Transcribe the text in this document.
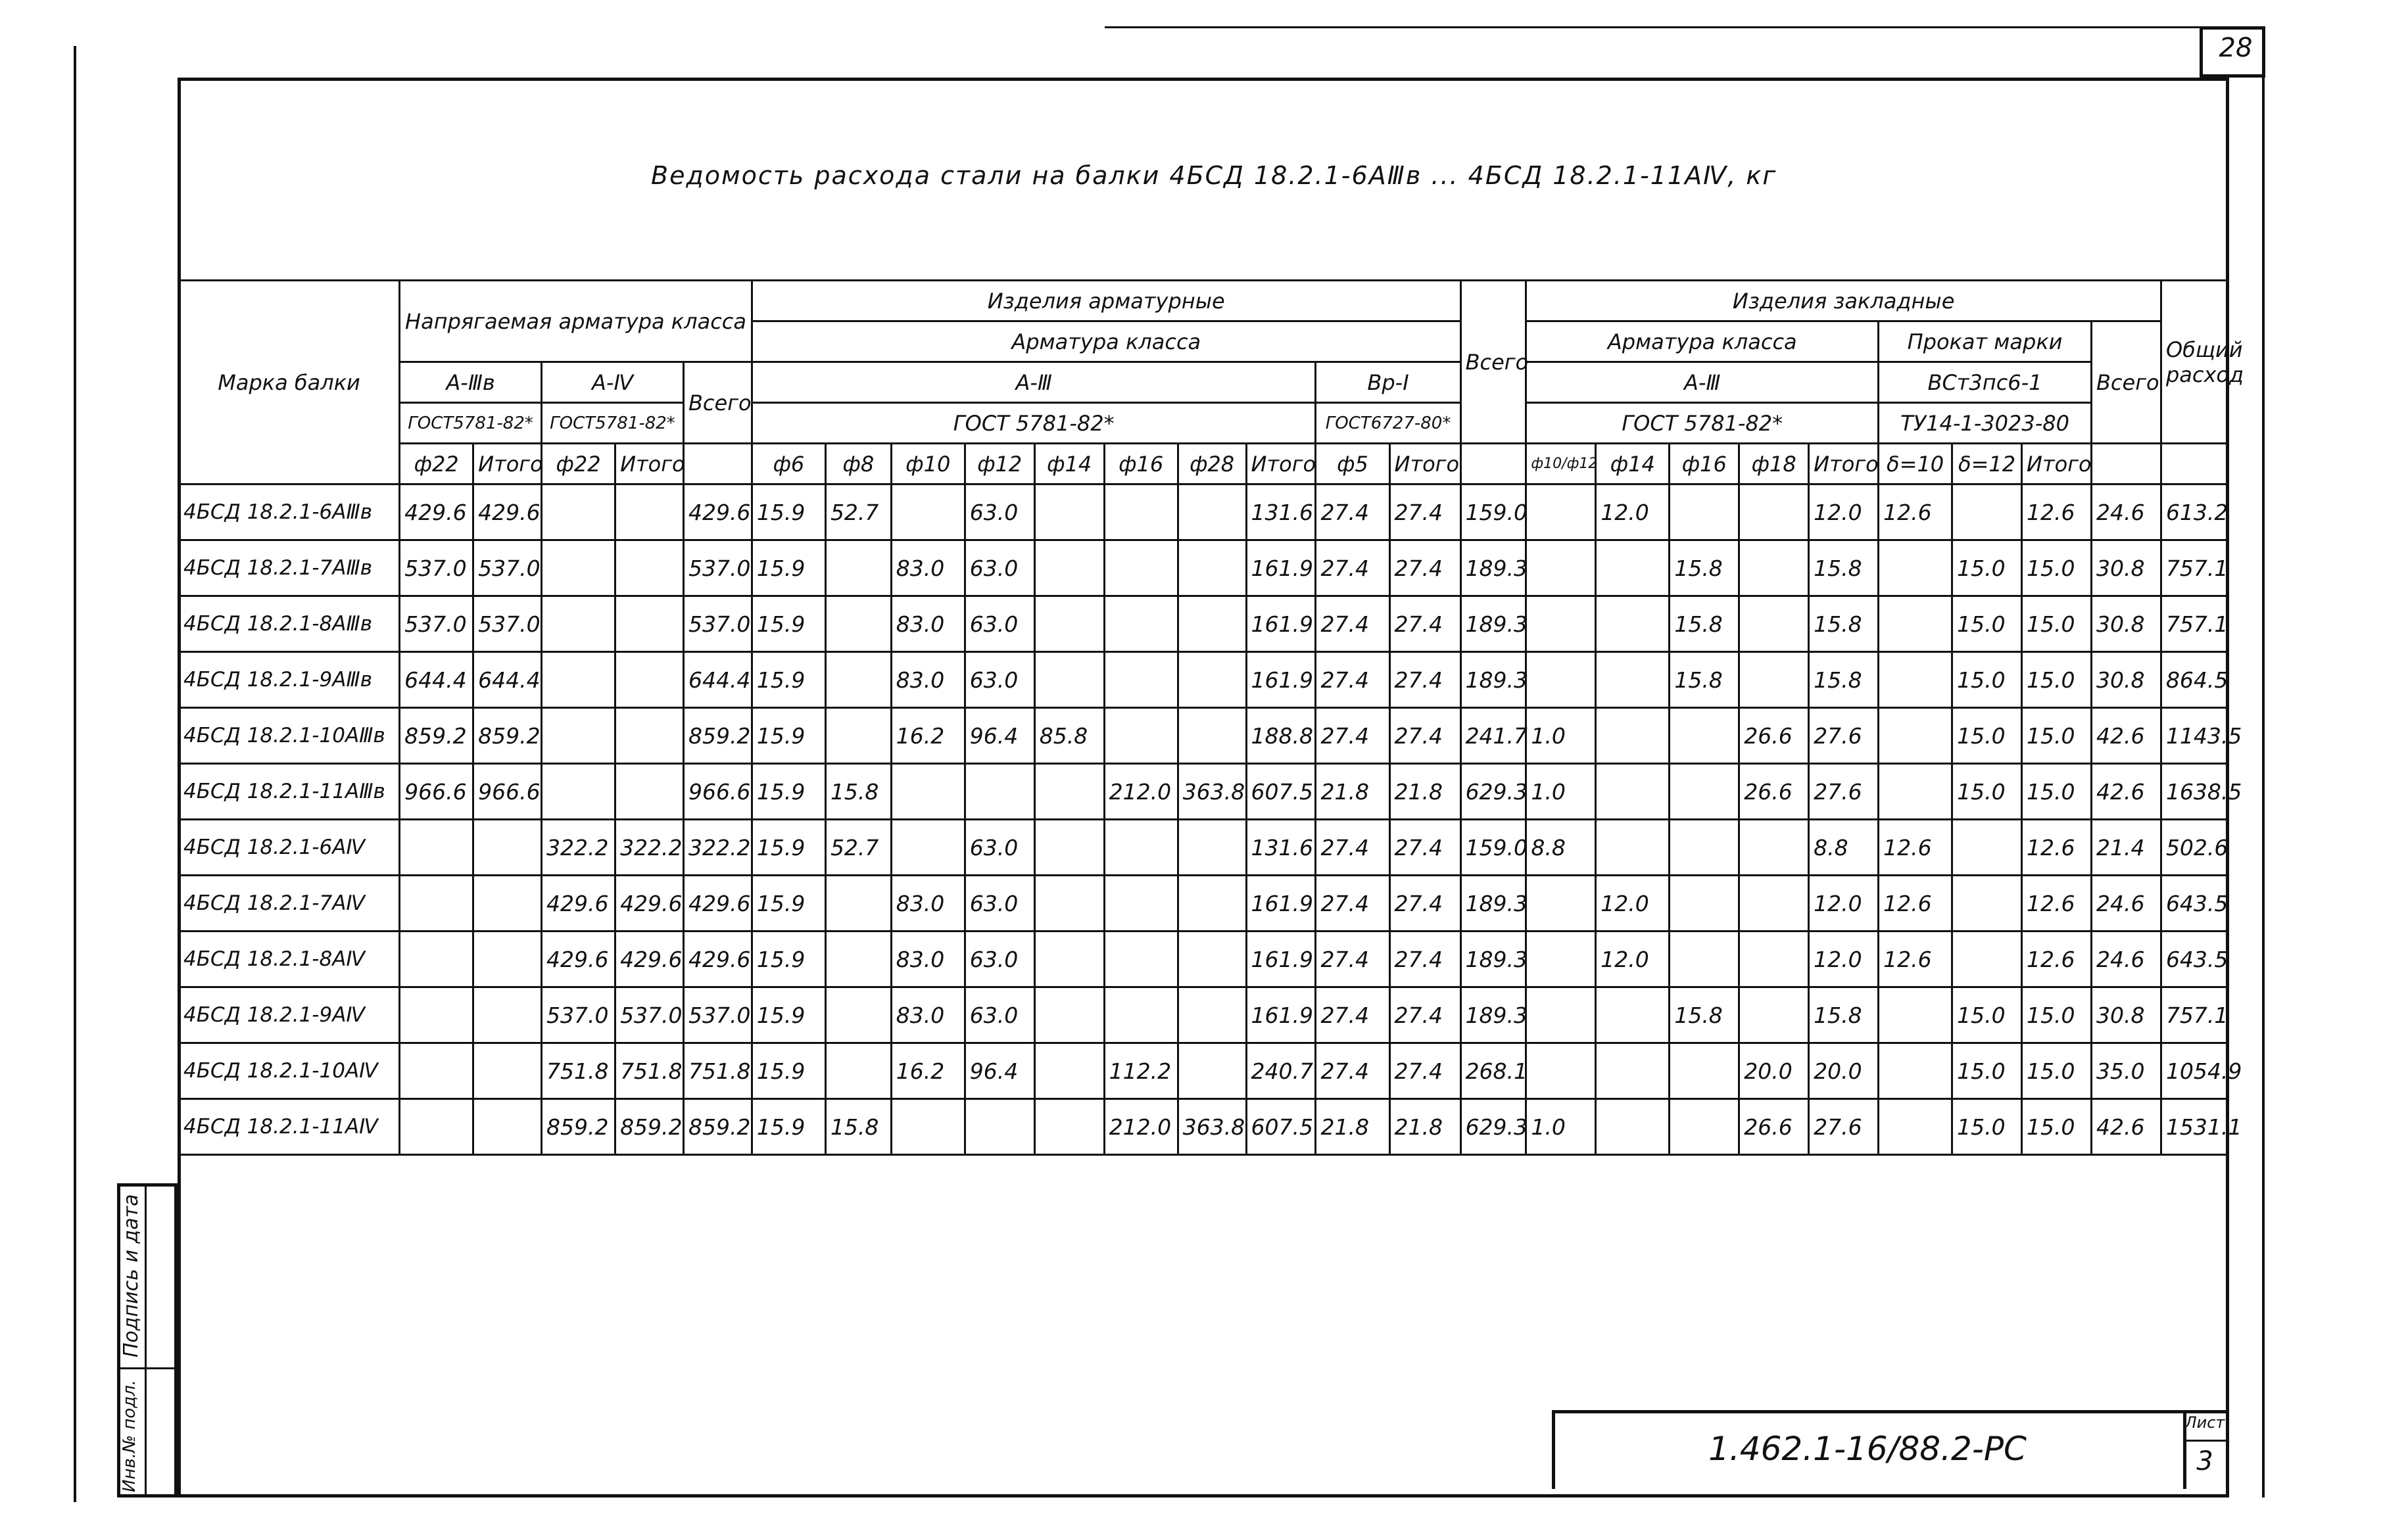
28
Ведомость расхода стали на балки 4БСД 18.2.1-6АⅢв ... 4БСД 18.2.1-11АⅣ, кг
Марка балки	Напрягаемая арматура класса					Изделия арматурные										Всего	Изделия закладные									Общий расход
						Арматура класса											Арматура класса					Прокат марки			Всего	
	А-Ⅲв		А-Ⅳ		Всего	А-Ⅲ								Вр-Ⅰ			А-Ⅲ					ВСт3пс6-1				
	ГОСТ5781-82*		ГОСТ5781-82*			ГОСТ 5781-82*								ГОСТ6727-80*			ГОСТ 5781-82*					ТУ14-1-3023-80				
	ф22	Итого	ф22	Итого		ф6	ф8	ф10	ф12	ф14	ф16	ф28	Итого	ф5	Итого		ф10/ф12	ф14	ф16	ф18	Итого	δ=10	δ=12	Итого		
4БСД 18.2.1-6АⅢв	429.6	429.6			429.6	15.9	52.7		63.0				131.6	27.4	27.4	159.0		12.0			12.0	12.6		12.6	24.6	613.2
4БСД 18.2.1-7АⅢв	537.0	537.0			537.0	15.9		83.0	63.0				161.9	27.4	27.4	189.3			15.8		15.8		15.0	15.0	30.8	757.1
4БСД 18.2.1-8АⅢв	537.0	537.0			537.0	15.9		83.0	63.0				161.9	27.4	27.4	189.3			15.8		15.8		15.0	15.0	30.8	757.1
4БСД 18.2.1-9АⅢв	644.4	644.4			644.4	15.9		83.0	63.0				161.9	27.4	27.4	189.3			15.8		15.8		15.0	15.0	30.8	864.5
4БСД 18.2.1-10АⅢв	859.2	859.2			859.2	15.9		16.2	96.4	85.8			188.8	27.4	27.4	241.7	1.0			26.6	27.6		15.0	15.0	42.6	1143.5
4БСД 18.2.1-11АⅢв	966.6	966.6			966.6	15.9	15.8				212.0	363.8	607.5	21.8	21.8	629.3	1.0			26.6	27.6		15.0	15.0	42.6	1638.5
4БСД 18.2.1-6АⅣ			322.2	322.2	322.2	15.9	52.7		63.0				131.6	27.4	27.4	159.0	8.8				8.8	12.6		12.6	21.4	502.6
4БСД 18.2.1-7АⅣ			429.6	429.6	429.6	15.9		83.0	63.0				161.9	27.4	27.4	189.3		12.0			12.0	12.6		12.6	24.6	643.5
4БСД 18.2.1-8АⅣ			429.6	429.6	429.6	15.9		83.0	63.0				161.9	27.4	27.4	189.3		12.0			12.0	12.6		12.6	24.6	643.5
4БСД 18.2.1-9АⅣ			537.0	537.0	537.0	15.9		83.0	63.0				161.9	27.4	27.4	189.3			15.8		15.8		15.0	15.0	30.8	757.1
4БСД 18.2.1-10АⅣ			751.8	751.8	751.8	15.9		16.2	96.4		112.2		240.7	27.4	27.4	268.1				20.0	20.0		15.0	15.0	35.0	1054.9
4БСД 18.2.1-11АⅣ			859.2	859.2	859.2	15.9	15.8				212.0	363.8	607.5	21.8	21.8	629.3	1.0			26.6	27.6		15.0	15.0	42.6	1531.1

Инв.№ подл.
Подпись и дата
1.462.1-16/88.2-РС
Лист
3
